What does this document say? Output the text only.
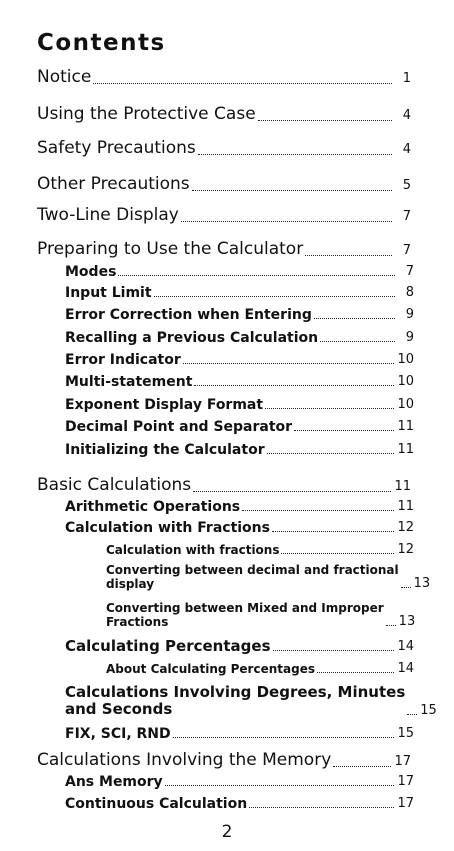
Contents
Notice	1
Using the Protective Case	4
Safety Precautions	4
Other Precautions	5
Two-Line Display	7
Preparing to Use the Calculator	7
Modes	7
Input Limit	8
Error Correction when Entering	9
Recalling a Previous Calculation	9
Error Indicator	10
Multi-statement	10
Exponent Display Format	10
Decimal Point and Separator	11
Initializing the Calculator	11
Basic Calculations	11
Arithmetic Operations	11
Calculation with Fractions	12
Calculation with fractions	12
Converting between decimal and fractional
display	13
Converting between Mixed and Improper
Fractions	13
Calculating Percentages	14
About Calculating Percentages	14
Calculations Involving Degrees, Minutes
and Seconds	15
FIX, SCI, RND	15
Calculations Involving the Memory	17
Ans Memory	17
Continuous Calculation	17
2
